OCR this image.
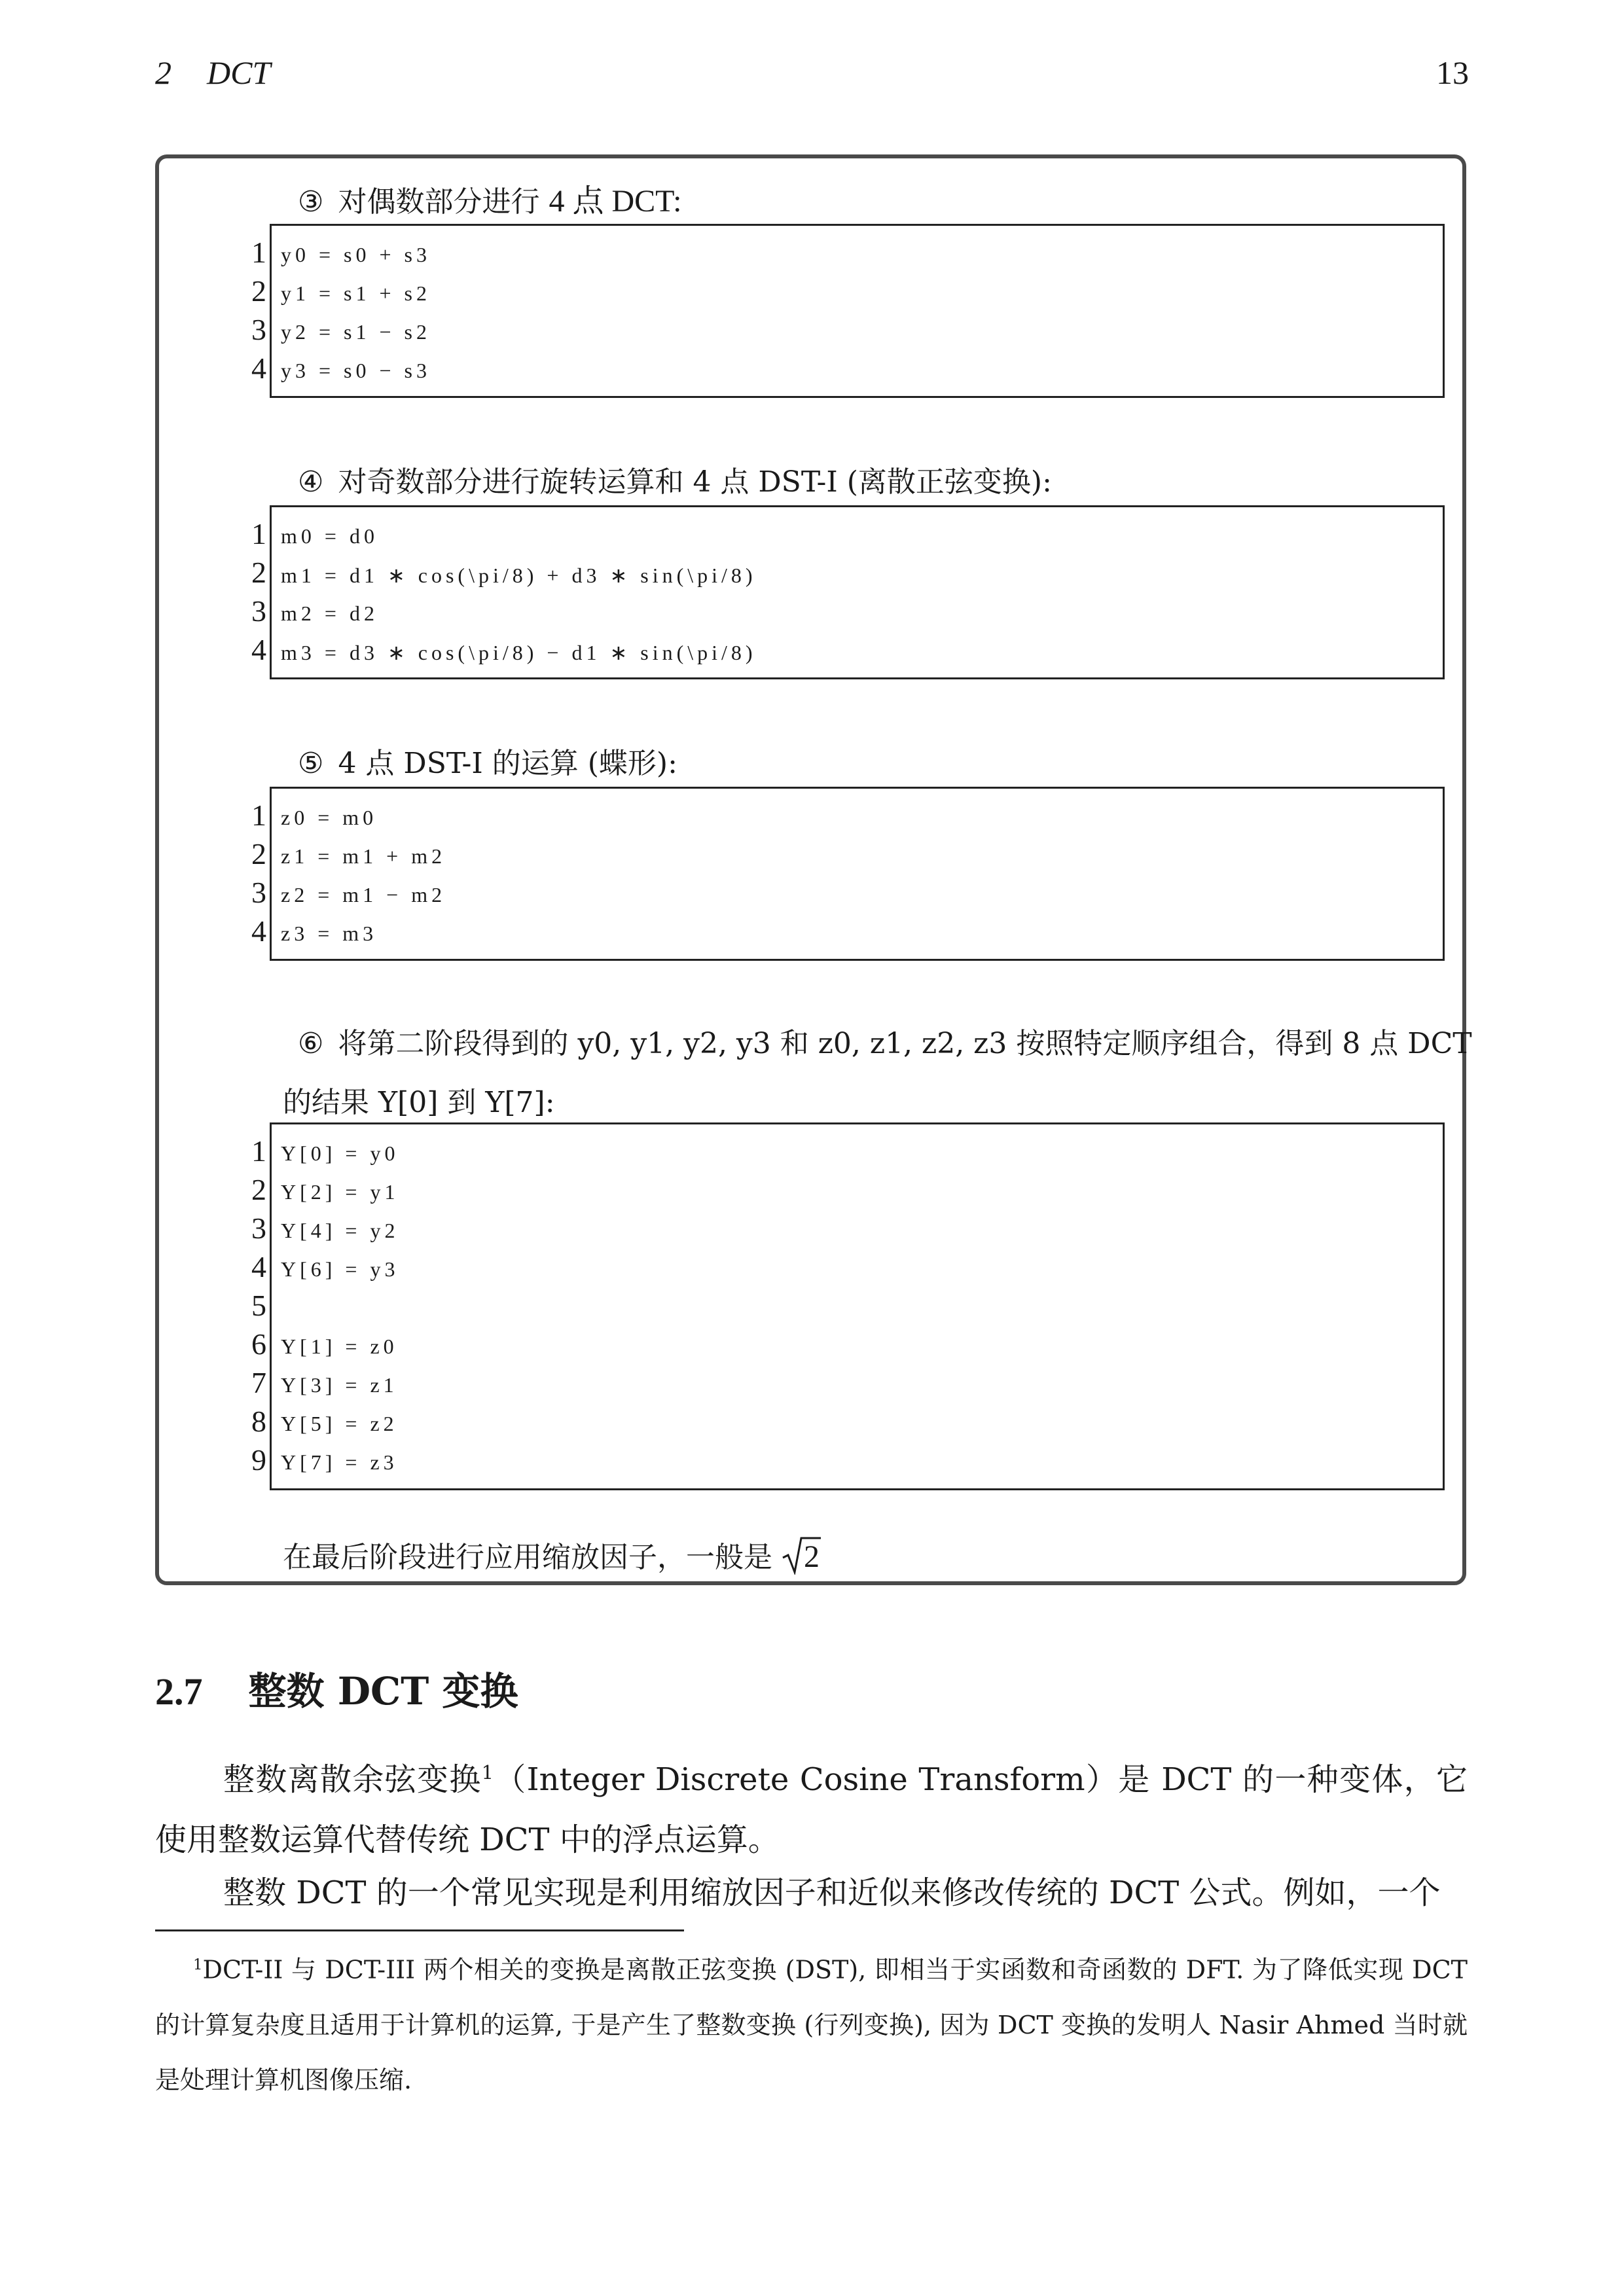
2 DCT	13
③ 对偶数部分进行 4 点 DCT:
1 y0 = s0 + s3
2 y1 = s1 + s2
3 y2 = s1 − s2
4 y3 = s0 − s3
④ 对奇数部分进行旋转运算和 4 点 DST-I (离散正弦变换):
1 m0 = d0
2 m1 = d1 ∗ cos(\pi/8) + d3 ∗ sin(\pi/8)
3 m2 = d2
4 m3 = d3 ∗ cos(\pi/8) − d1 ∗ sin(\pi/8)
⑤ 4 点 DST-I 的运算 (蝶形):
1 z0 = m0
2 z1 = m1 + m2
3 z2 = m1 − m2
4 z3 = m3
⑥ 将第二阶段得到的 y0, y1, y2, y3 和 z0, z1, z2, z3 按照特定顺序组合，得到 8 点 DCT
的结果 Y[0] 到 Y[7]:
1 Y[0] = y0
2 Y[2] = y1
3 Y[4] = y2
4 Y[6] = y3
5
6 Y[1] = z0
7 Y[3] = z1
8 Y[5] = z2
9 Y[7] = z3
在最后阶段进行应用缩放因子，一般是 2
2.7 整数 DCT 变换
整数离散余弦变换$^1$（Integer Discrete Cosine Transform）是 DCT 的一种变体，它使用整数运算代替传统 DCT 中的浮点运算。
整数 DCT 的一个常见实现是利用缩放因子和近似来修改传统的 DCT 公式。例如，一个
$^1$DCT-II 与 DCT-III 两个相关的变换是离散正弦变换 (DST), 即相当于实函数和奇函数的 DFT. 为了降低实现 DCT 的计算复杂度且适用于计算机的运算, 于是产生了整数变换 (行列变换), 因为 DCT 变换的发明人 Nasir Ahmed 当时就是处理计算机图像压缩.
